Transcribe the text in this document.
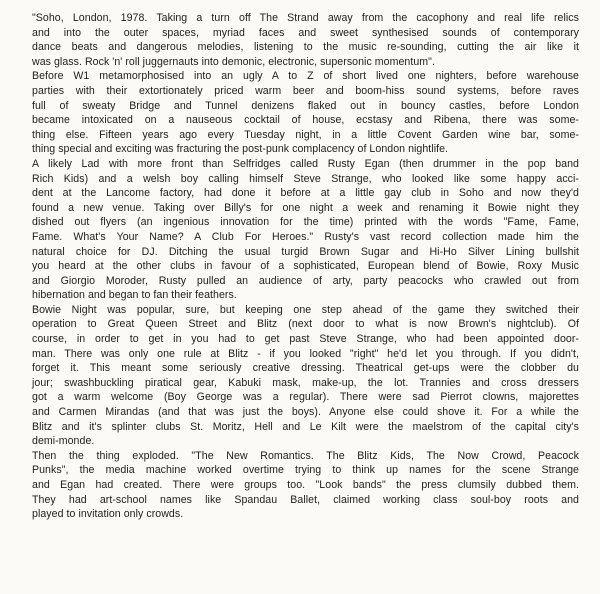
"Soho, London, 1978. Taking a turn off The Strand away from the cacophony and real life relics
and into the outer spaces, myriad faces and sweet synthesised sounds of contemporary
dance beats and dangerous melodies, listening to the music re-sounding, cutting the air like it
was glass. Rock 'n' roll juggernauts into demonic, electronic, supersonic momentum".
Before W1 metamorphosised into an ugly A to Z of short lived one nighters, before warehouse
parties with their extortionately priced warm beer and boom-hiss sound systems, before raves
full of sweaty Bridge and Tunnel denizens flaked out in bouncy castles, before London
became intoxicated on a nauseous cocktail of house, ecstasy and Ribena, there was some-
thing else. Fifteen years ago every Tuesday night, in a little Covent Garden wine bar, some-
thing special and exciting was fracturing the post-punk complacency of London nightlife.
A likely Lad with more front than Selfridges called Rusty Egan (then drummer in the pop band
Rich Kids) and a welsh boy calling himself Steve Strange, who looked like some happy acci-
dent at the Lancome factory, had done it before at a little gay club in Soho and now they'd
found a new venue. Taking over Billy's for one night a week and renaming it Bowie night they
dished out flyers (an ingenious innovation for the time) printed with the words "Fame, Fame,
Fame. What's Your Name? A Club For Heroes." Rusty's vast record collection made him the
natural choice for DJ. Ditching the usual turgid Brown Sugar and Hi-Ho Silver Lining bullshit
you heard at the other clubs in favour of a sophisticated, European blend of Bowie, Roxy Music
and Giorgio Moroder, Rusty pulled an audience of arty, party peacocks who crawled out from
hibernation and began to fan their feathers.
Bowie Night was popular, sure, but keeping one step ahead of the game they switched their
operation to Great Queen Street and Blitz (next door to what is now Brown's nightclub). Of
course, in order to get in you had to get past Steve Strange, who had been appointed door-
man. There was only one rule at Blitz - if you looked "right" he'd let you through. If you didn't,
forget it. This meant some seriously creative dressing. Theatrical get-ups were the clobber du
jour; swashbuckling piratical gear, Kabuki mask, make-up, the lot. Trannies and cross dressers
got a warm welcome (Boy George was a regular). There were sad Pierrot clowns, majorettes
and Carmen Mirandas (and that was just the boys). Anyone else could shove it. For a while the
Blitz and it's splinter clubs St. Moritz, Hell and Le Kilt were the maelstrom of the capital city's
demi-monde.
Then the thing exploded. "The New Romantics. The Blitz Kids, The Now Crowd, Peacock
Punks", the media machine worked overtime trying to think up names for the scene Strange
and Egan had created. There were groups too. "Look bands" the press clumsily dubbed them.
They had art-school names like Spandau Ballet, claimed working class soul-boy roots and
played to invitation only crowds.
